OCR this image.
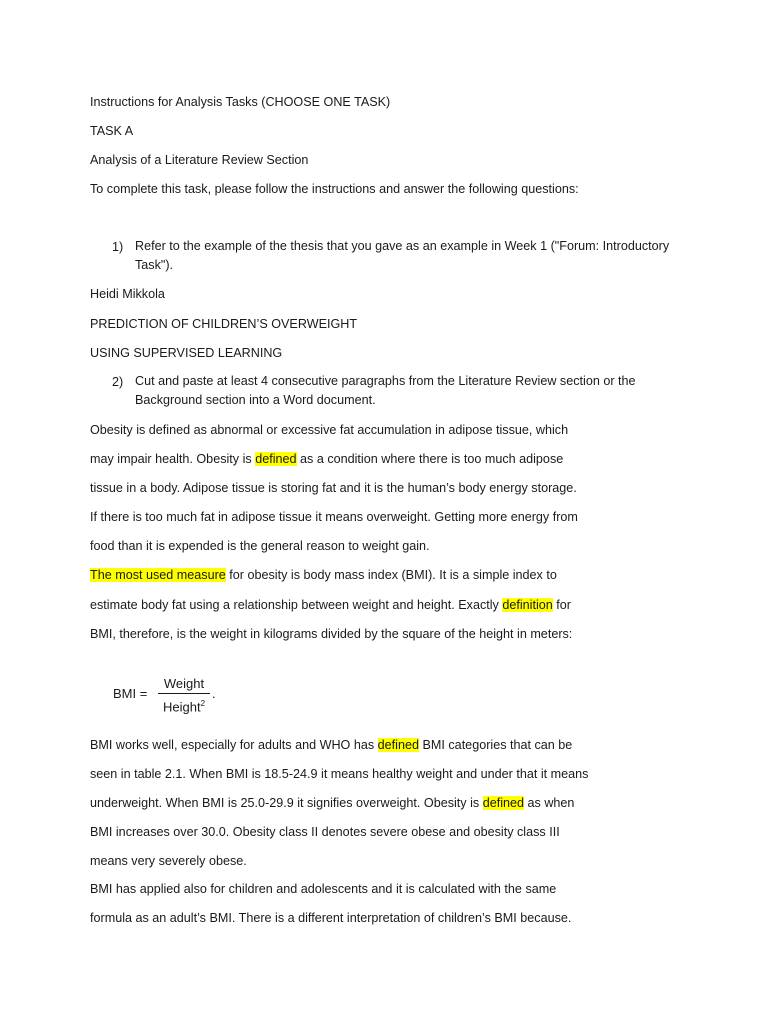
Instructions for Analysis Tasks (CHOOSE ONE TASK)
TASK A
Analysis of a Literature Review Section
To complete this task, please follow the instructions and answer the following questions:
1) Refer to the example of the thesis that you gave as an example in Week 1 ("Forum: Introductory Task").
Heidi Mikkola
PREDICTION OF CHILDREN’S OVERWEIGHT
USING SUPERVISED LEARNING
2) Cut and paste at least 4 consecutive paragraphs from the Literature Review section or the Background section into a Word document.
Obesity is defined as abnormal or excessive fat accumulation in adipose tissue, which
may impair health. Obesity is defined as a condition where there is too much adipose
tissue in a body. Adipose tissue is storing fat and it is the human’s body energy storage.
If there is too much fat in adipose tissue it means overweight. Getting more energy from
food than it is expended is the general reason to weight gain.
The most used measure for obesity is body mass index (BMI). It is a simple index to
estimate body fat using a relationship between weight and height. Exactly definition for
BMI, therefore, is the weight in kilograms divided by the square of the height in meters:
BMI =
Weight
Height$^2$
.
BMI works well, especially for adults and WHO has defined BMI categories that can be
seen in table 2.1. When BMI is 18.5-24.9 it means healthy weight and under that it means
underweight. When BMI is 25.0-29.9 it signifies overweight. Obesity is defined as when
BMI increases over 30.0. Obesity class II denotes severe obese and obesity class III
means very severely obese.
BMI has applied also for children and adolescents and it is calculated with the same
formula as an adult’s BMI. There is a different interpretation of children’s BMI because.
